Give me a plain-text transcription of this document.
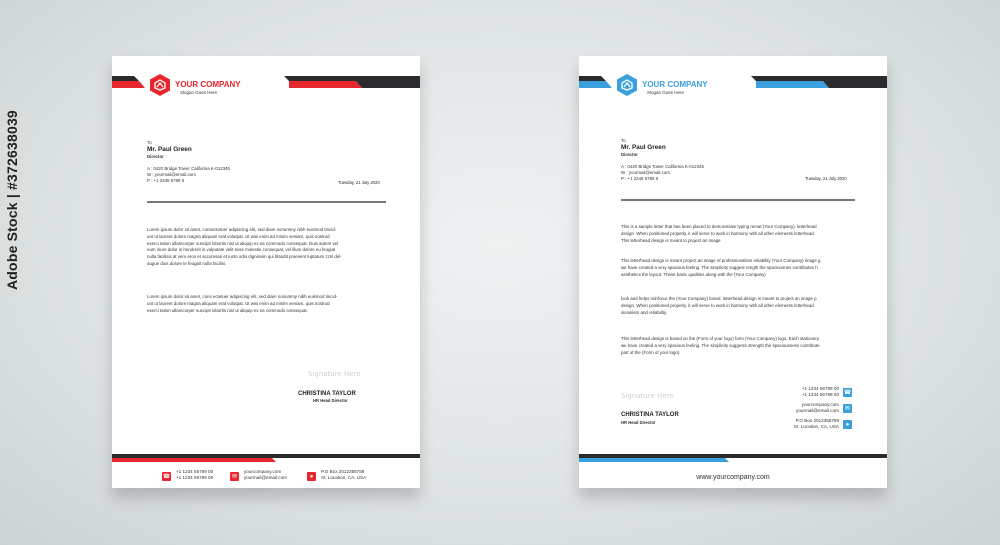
Adobe Stock | #372638039
YOUR COMPANY
Slogan Goes Here
To
Mr. Paul Green
Director
A : 0420 Bridge Tower California K-012345
W : yourmail@email.com
P : +1 2345 6789 0	Tuesday, 21 July 2020
Lorem ipsum dolor sit amet, consectetuer adipiscing elit, sed diam nonummy nibh euismod tincid-
unt ut laoreet dolore magna aliquam erat volutpat. Ut wisi enim ad minim veniam, quis nostrud
exerci tation ullamcorper suscipit lobortis nisl ut aliquip ex ea commodo consequat. Duis autem vel
eum iriure dolor in hendrerit in vulputate velit esse molestie consequat, vel illum dolore eu feugiat
nulla facilisis at vero eros et accumsan et iusto odio dignissim qui blandit praesent luptatum zzril del-
augue duis dolore te feugait nulla facilisi.
Lorem ipsum dolor sit amet, cons ectetuer adipiscing elit, sed diam nonummy nibh euismod tincid-
unt ut laoreet dolore magna aliquam erat volutpat. Ut wisi enim ad minim veniam, quis nostrud
exerci tation ullamcorper suscipit lobortis nisl ut aliquip ex ea commodo consequat.
Signature Here
CHRISTINA TAYLOR
HR Head Director
☎
+1 1234 56789 00
+1 1234 56789 00	✉
yourcompany.com
yourmail@email.com	●
P.O Box 2012356789
St. Location, CA, USA
YOUR COMPANY
Slogan Goes Here
To
Mr. Paul Green
Director
A : 0420 Bridge Tower California K-012345
W : yourmail@email.com
P : +1 2345 6789 0	Tuesday, 21 July 2020
This is a sample letter that has been placed to demonstrate typing remat (Your Company). letterhead
design. When positioned properly, it will serve to work in harmony with all other elements letterhead.
This letterhead design is meant to project an image
This letterhead design is meant project an image of professionalism reliability (Your Company) image g
we have created a very spacious feeling. The simplicity suggest rength the spaciousnes contributes h
aesthetics the layout. These basic qualities along with the (Your Company)
look and helps reinforce the (Your Company) brand. letterhead design is meant to project an image p
design. When positioned properly, it will serve to work in harmony with all other elements letterhead
sionalism and reliability.
This letterhead design is based on the (Form of your logo) form (Your Company) logo. Each stationery
we have created a very spacious feeling. The simplicity suggests strength the spaciousness contribute
part of the (Form of your logo).
Signature Here
CHRISTINA TAYLOR
HR Head Director
+1 1234 56789 00
+1 1234 56789 00 ☎
yourcompany.com
yourmail@email.com ✉
P.O Box 2012356789
St. Location, CA, USA	●
www.yourcompany.com
